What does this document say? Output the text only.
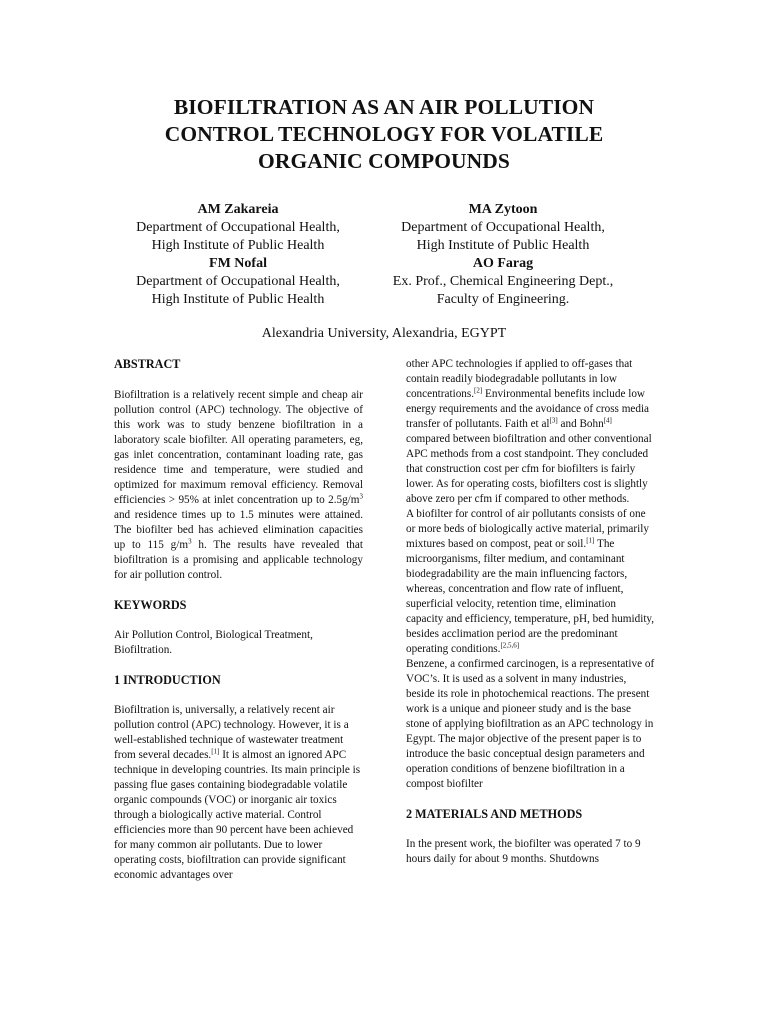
BIOFILTRATION AS AN AIR POLLUTION
CONTROL TECHNOLOGY FOR VOLATILE
ORGANIC COMPOUNDS
AM Zakareia
Department of Occupational Health,
High Institute of Public Health
FM Nofal
Department of Occupational Health,
High Institute of Public Health
MA Zytoon
Department of Occupational Health,
High Institute of Public Health
AO Farag
Ex. Prof., Chemical Engineering Dept.,
Faculty of Engineering.
Alexandria University, Alexandria, EGYPT
ABSTRACT

Biofiltration is a relatively recent simple and cheap air pollution control (APC) technology. The objective of this work was to study benzene biofiltration in a laboratory scale biofilter. All operating parameters, eg, gas inlet concentration, contaminant loading rate, gas residence time and temperature, were studied and optimized for maximum removal efficiency. Removal efficiencies > 95% at inlet concentration up to $2.5g/m^3$ and residence times up to 1.5 minutes were attained. The biofilter bed has achieved elimination capacities up to 115 $g/m^3$ h. The results have revealed that biofiltration is a promising and applicable technology for air pollution control.

KEYWORDS

Air Pollution Control, Biological Treatment, Biofiltration.

1 INTRODUCTION

Biofiltration is, universally, a relatively recent air pollution control (APC) technology. However, it is a well-established technique of wastewater treatment from several decades.[1] It is almost an ignored APC technique in developing countries. Its main principle is passing flue gases containing biodegradable volatile organic compounds (VOC) or inorganic air toxics through a biologically active material. Control efficiencies more than 90 percent have been achieved for many common air pollutants. Due to lower operating costs, biofiltration can provide significant economic advantages over

other APC technologies if applied to off-gases that contain readily biodegradable pollutants in low concentrations.[2] Environmental benefits include low energy requirements and the avoidance of cross media transfer of pollutants. Faith et al[3] and Bohn[4] compared between biofiltration and other conventional APC methods from a cost standpoint. They concluded that construction cost per cfm for biofilters is fairly lower. As for operating costs, biofilters cost is slightly above zero per cfm if compared to other methods.

A biofilter for control of air pollutants consists of one or more beds of biologically active material, primarily mixtures based on compost, peat or soil.[1] The microorganisms, filter medium, and contaminant biodegradability are the main influencing factors, whereas, concentration and flow rate of influent, superficial velocity, retention time, elimination capacity and efficiency, temperature, pH, bed humidity, besides acclimation period are the predominant operating conditions.[2,5,6]

Benzene, a confirmed carcinogen, is a representative of VOC’s. It is used as a solvent in many industries, beside its role in photochemical reactions. The present work is a unique and pioneer study and is the base stone of applying biofiltration as an APC technology in Egypt. The major objective of the present paper is to introduce the basic conceptual design parameters and operation conditions of benzene biofiltration in a compost biofilter

2 MATERIALS AND METHODS

In the present work, the biofilter was operated 7 to 9 hours daily for about 9 months. Shutdowns
